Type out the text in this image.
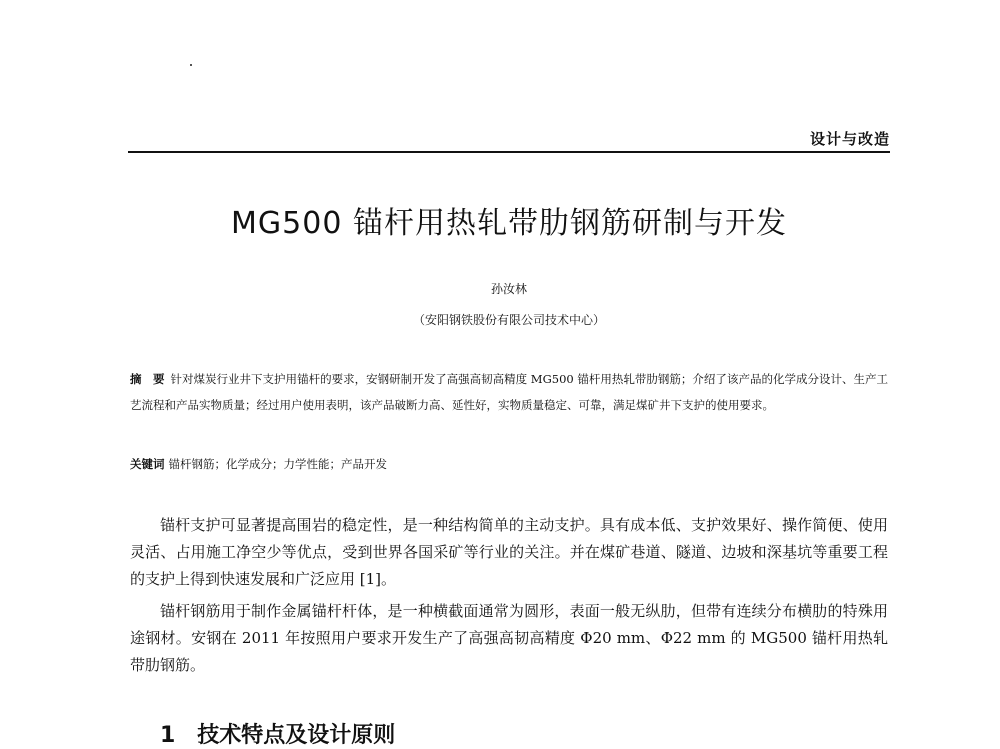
设计与改造
MG500 锚杆用热轧带肋钢筋研制与开发
孙汝林
（安阳钢铁股份有限公司技术中心）
摘　要 针对煤炭行业井下支护用锚杆的要求，安钢研制开发了高强高韧高精度 MG500 锚杆用热轧带肋钢筋；介绍了该产品的化学成分设计、生产工艺流程和产品实物质量；经过用户使用表明，该产品破断力高、延性好，实物质量稳定、可靠，满足煤矿井下支护的使用要求。
关键词 锚杆钢筋；化学成分；力学性能；产品开发

锚杆支护可显著提高围岩的稳定性，是一种结构简单的主动支护。具有成本低、支护效果好、操作简便、使用灵活、占用施工净空少等优点，受到世界各国采矿等行业的关注。并在煤矿巷道、隧道、边坡和深基坑等重要工程的支护上得到快速发展和广泛应用 [1]。

锚杆钢筋用于制作金属锚杆杆体，是一种横截面通常为圆形，表面一般无纵肋，但带有连续分布横肋的特殊用途钢材。安钢在 2011 年按照用户要求开发生产了高强高韧高精度 Φ20 mm、Φ22 mm 的 MG500 锚杆用热轧带肋钢筋。

1　技术特点及设计原则
